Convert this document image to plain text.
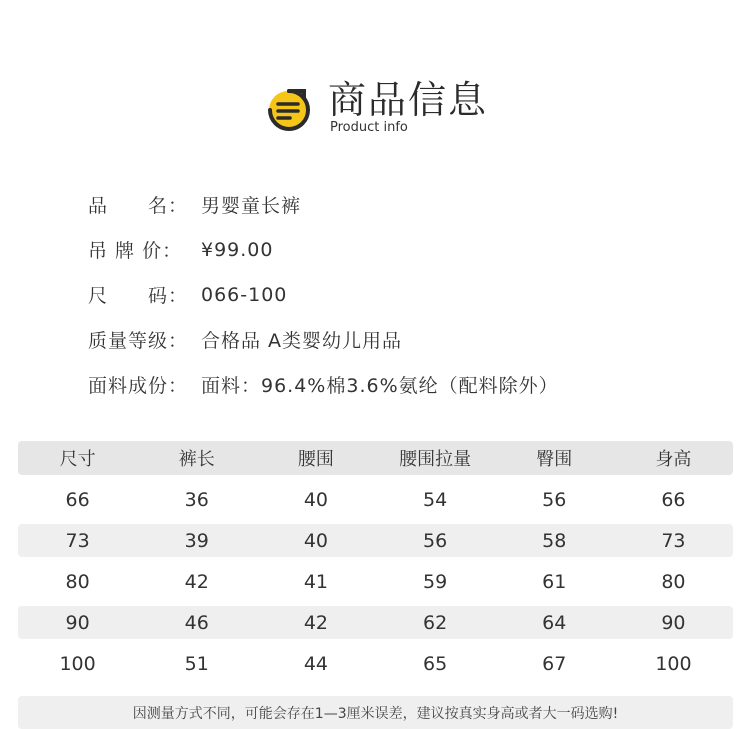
商品信息
Product info
品　　名： 男婴童长裤
吊 牌 价： ¥99.00
尺　　码： 066-100
质量等级： 合格品 A类婴幼儿用品
面料成份： 面料：96.4%棉3.6%氨纶（配料除外）
尺寸	裤长	腰围	腰围拉量	臀围	身高
66	36	40	54	56	66
73	39	40	56	58	73
80	42	41	59	61	80
90	46	42	62	64	90
100	51	44	65	67	100
因测量方式不同，可能会存在1—3厘米误差，建议按真实身高或者大一码选购!
